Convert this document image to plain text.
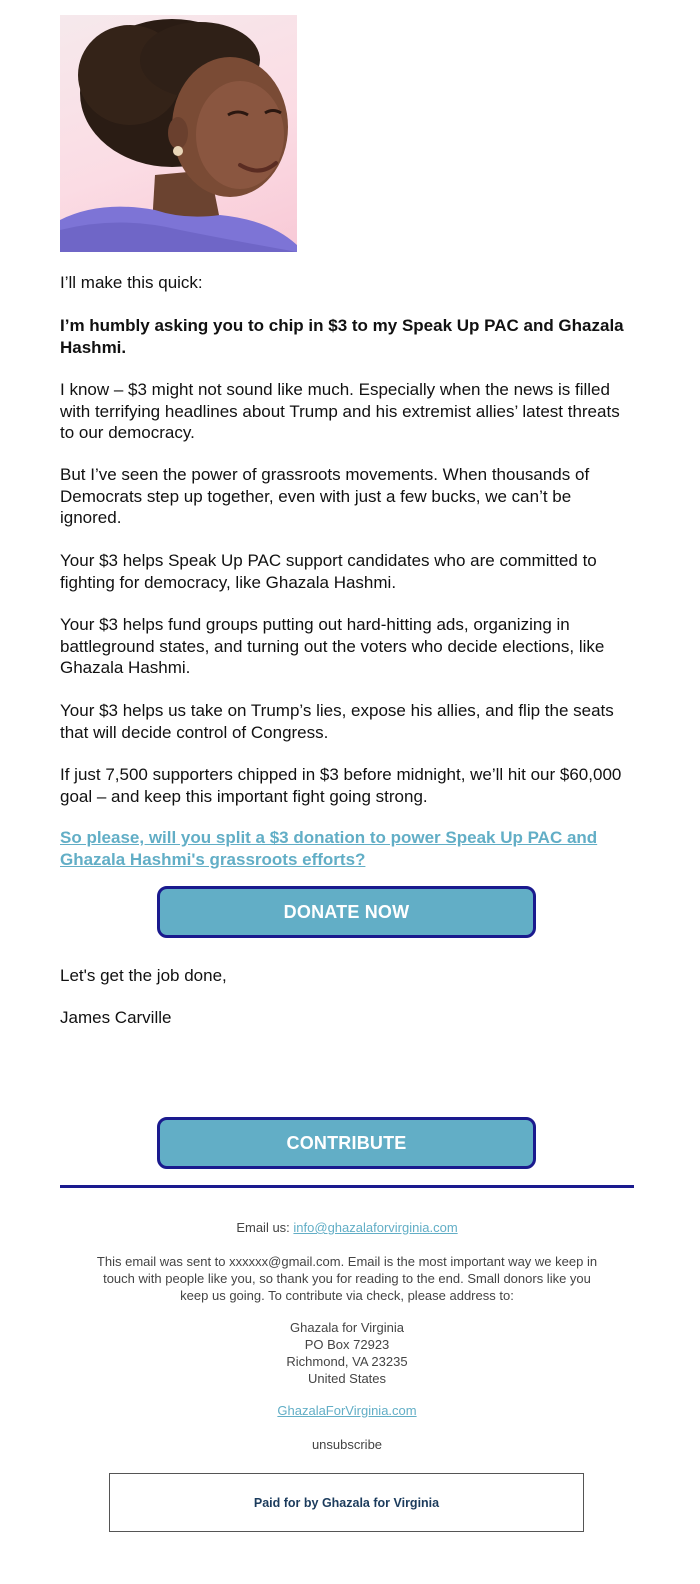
I’ll make this quick:

I’m humbly asking you to chip in $3 to my Speak Up PAC and Ghazala Hashmi.

I know – $3 might not sound like much. Especially when the news is filled with terrifying headlines about Trump and his extremist allies’ latest threats to our democracy.

But I’ve seen the power of grassroots movements. When thousands of Democrats step up together, even with just a few bucks, we can’t be ignored.

Your $3 helps Speak Up PAC support candidates who are committed to fighting for democracy, like Ghazala Hashmi.

Your $3 helps fund groups putting out hard-hitting ads, organizing in battleground states, and turning out the voters who decide elections, like Ghazala Hashmi.

Your $3 helps us take on Trump’s lies, expose his allies, and flip the seats that will decide control of Congress.

If just 7,500 supporters chipped in $3 before midnight, we’ll hit our $60,000 goal – and keep this important fight going strong.

So please, will you split a $3 donation to power Speak Up PAC and Ghazala Hashmi's grassroots efforts?
DONATE NOW

Let's get the job done,

James Carville

CONTRIBUTE
Email us: info@ghazalaforvirginia.com
This email was sent to xxxxxx@gmail.com. Email is the most important way we keep in touch with people like you, so thank you for reading to the end. Small donors like you keep us going. To contribute via check, please address to:
Ghazala for Virginia
PO Box 72923
Richmond, VA 23235
United States
GhazalaForVirginia.com
unsubscribe
Paid for by Ghazala for Virginia
